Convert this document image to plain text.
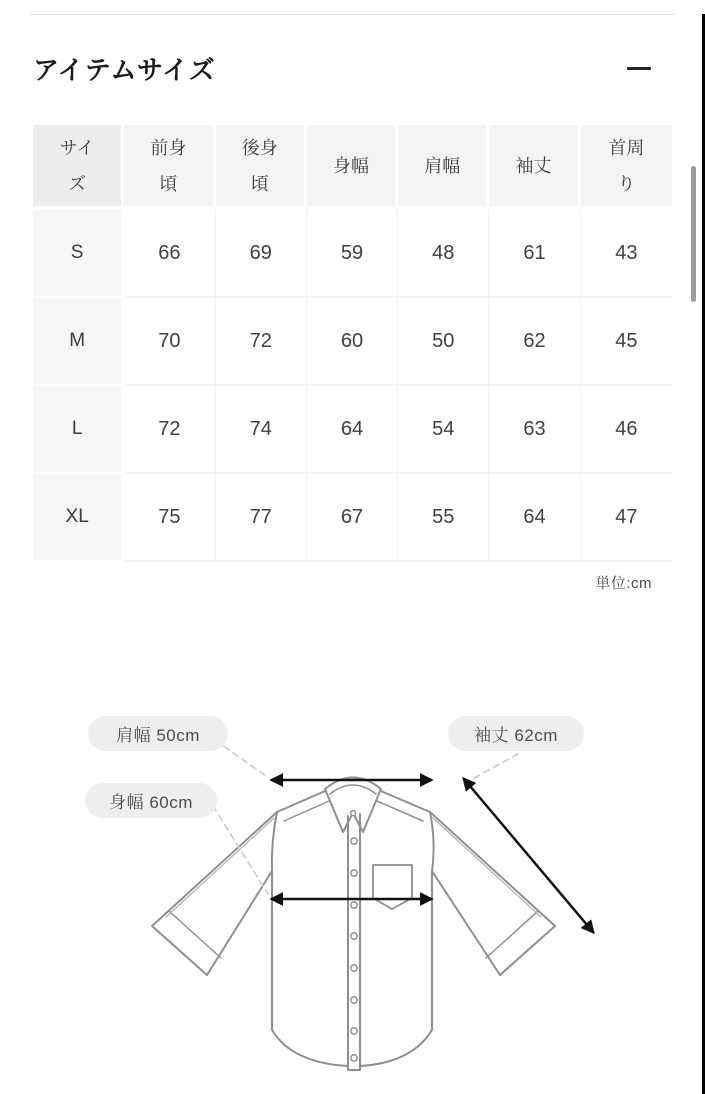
アイテムサイズ
サイズ	前身頃	後身頃	身幅	肩幅	袖丈	首周り
S	66	69	59	48	61	43
M	70	72	60	50	62	45
L	72	74	64	54	63	46
XL	75	77	67	55	64	47
単位:cm
肩幅 50cm
身幅 60cm
袖丈 62cm
